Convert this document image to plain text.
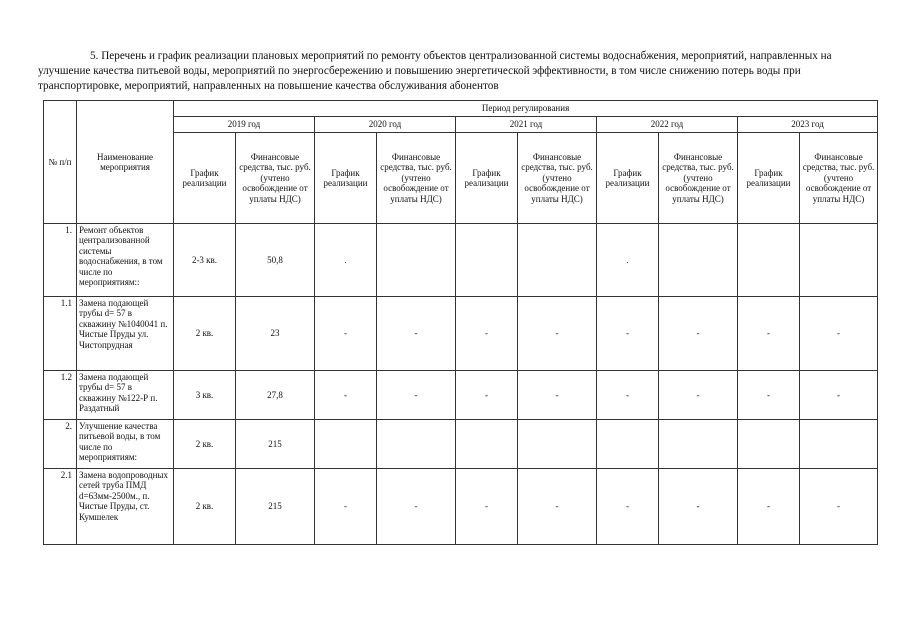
5. Перечень и график реализации плановых мероприятий по ремонту объектов централизованной системы водоснабжения, мероприятий, направленных на улучшение качества питьевой воды, мероприятий по энергосбережению и повышению энергетической эффективности, в том числе снижению потерь воды при транспортировке, мероприятий, направленных на повышение качества обслуживания абонентов

№ п/п	Наименование мероприятия	Период регулирования									
		2019 год		2020 год		2021 год		2022 год		2023 год	
		График реализации	Финансовые средства, тыс. руб. (учтено освобождение от уплаты НДС)	График реализации	Финансовые средства, тыс. руб. (учтено освобождение от уплаты НДС)	График реализации	Финансовые средства, тыс. руб. (учтено освобождение от уплаты НДС)	График реализации	Финансовые средства, тыс. руб. (учтено освобождение от уплаты НДС)	График реализации	Финансовые средства, тыс. руб. (учтено освобождение от уплаты НДС)
1.	Ремонт объектов централизованной системы водоснабжения, в том числе по мероприятиям::	2-3 кв.	50,8	.				.			
1.1	Замена подающей трубы d= 57 в скважину №1040041 п. Чистые Пруды ул. Чистопрудная	2 кв.	23	-	-	-	-	-	-	-	-
1.2	Замена подающей трубы d= 57 в скважину №122-Р п. Раздатный	3 кв.	27,8	-	-	-	-	-	-	-	-
2.	Улучшение качества питьевой воды, в том числе по мероприятиям:	2 кв.	215								
2.1	Замена водопроводных сетей труба ПМД d=63мм-2500м., п. Чистые Пруды, ст. Кумшелек	2 кв.	215	-	-	-	-	-	-	-	-
